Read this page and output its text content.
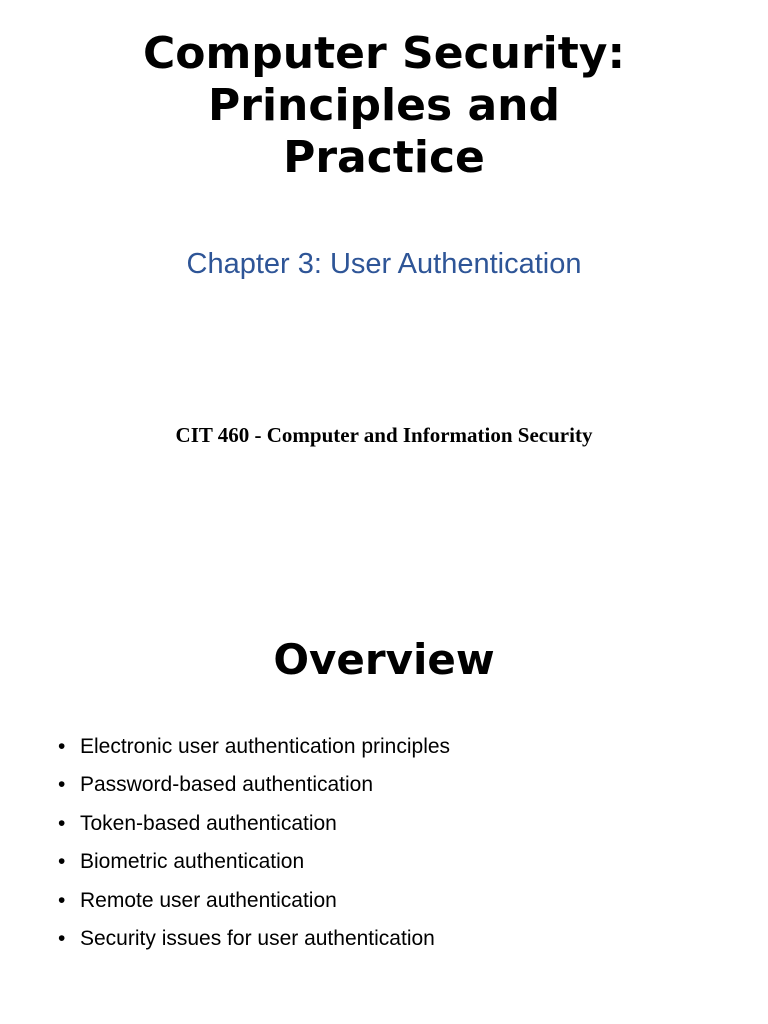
Computer Security:
Principles and
Practice

Chapter 3: User Authentication

CIT 460 - Computer and Information Security

Overview
• Electronic user authentication principles
• Password-based authentication
• Token-based authentication
• Biometric authentication
• Remote user authentication
• Security issues for user authentication
